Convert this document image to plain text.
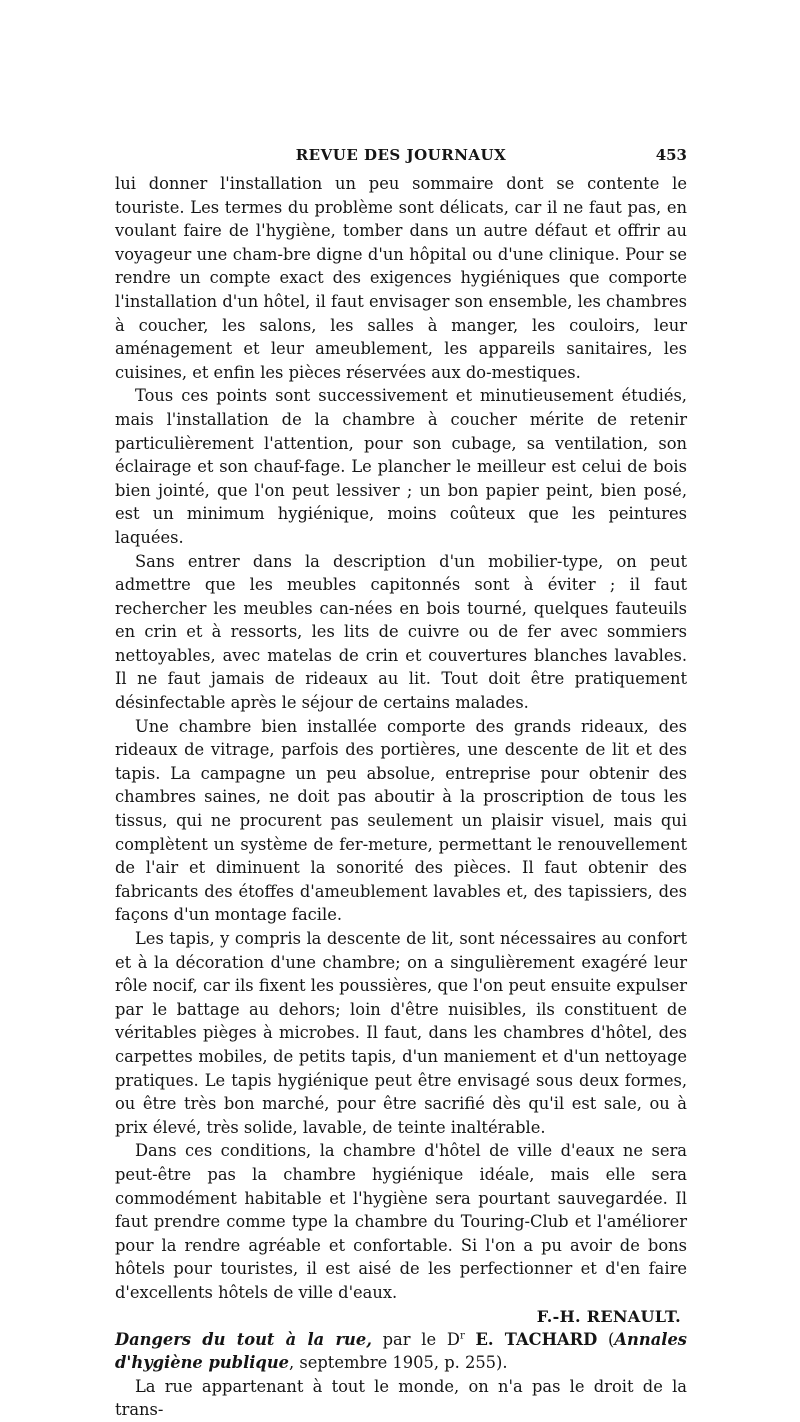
REVUE DES JOURNAUX	453

lui donner l'installation un peu sommaire dont se contente le touriste. Les termes du problème sont délicats, car il ne faut pas, en voulant faire de l'hygiène, tomber dans un autre défaut et offrir au voyageur une cham-bre digne d'un hôpital ou d'une clinique. Pour se rendre un compte exact des exigences hygiéniques que comporte l'installation d'un hôtel, il faut envisager son ensemble, les chambres à coucher, les salons, les salles à manger, les couloirs, leur aménagement et leur ameublement, les appareils sanitaires, les cuisines, et enfin les pièces réservées aux do-mestiques.

Tous ces points sont successivement et minutieusement étudiés, mais l'installation de la chambre à coucher mérite de retenir particulièrement l'attention, pour son cubage, sa ventilation, son éclairage et son chauf-fage. Le plancher le meilleur est celui de bois bien jointé, que l'on peut lessiver ; un bon papier peint, bien posé, est un minimum hygiénique, moins coûteux que les peintures laquées.

Sans entrer dans la description d'un mobilier-type, on peut admettre que les meubles capitonnés sont à éviter ; il faut rechercher les meubles can-nées en bois tourné, quelques fauteuils en crin et à ressorts, les lits de cuivre ou de fer avec sommiers nettoyables, avec matelas de crin et couvertures blanches lavables. Il ne faut jamais de rideaux au lit. Tout doit être pratiquement désinfectable après le séjour de certains malades.

Une chambre bien installée comporte des grands rideaux, des rideaux de vitrage, parfois des portières, une descente de lit et des tapis. La campagne un peu absolue, entreprise pour obtenir des chambres saines, ne doit pas aboutir à la proscription de tous les tissus, qui ne procurent pas seulement un plaisir visuel, mais qui complètent un système de fer-meture, permettant le renouvellement de l'air et diminuent la sonorité des pièces. Il faut obtenir des fabricants des étoffes d'ameublement lavables et, des tapissiers, des façons d'un montage facile.

Les tapis, y compris la descente de lit, sont nécessaires au confort et à la décoration d'une chambre; on a singulièrement exagéré leur rôle nocif, car ils fixent les poussières, que l'on peut ensuite expulser par le battage au dehors; loin d'être nuisibles, ils constituent de véritables pièges à microbes. Il faut, dans les chambres d'hôtel, des carpettes mobiles, de petits tapis, d'un maniement et d'un nettoyage pratiques. Le tapis hygiénique peut être envisagé sous deux formes, ou être très bon marché, pour être sacrifié dès qu'il est sale, ou à prix élevé, très solide, lavable, de teinte inaltérable.

Dans ces conditions, la chambre d'hôtel de ville d'eaux ne sera peut-être pas la chambre hygiénique idéale, mais elle sera commodément habitable et l'hygiène sera pourtant sauvegardée. Il faut prendre comme type la chambre du Touring-Club et l'améliorer pour la rendre agréable et confortable. Si l'on a pu avoir de bons hôtels pour touristes, il est aisé de les perfectionner et d'en faire d'excellents hôtels de ville d'eaux.

F.-H. RENAULT.

Dangers du tout à la rue, par le $D^r$ E. TACHARD (Annales d'hygiène publique, septembre 1905, p. 255).

La rue appartenant à tout le monde, on n'a pas le droit de la trans-
